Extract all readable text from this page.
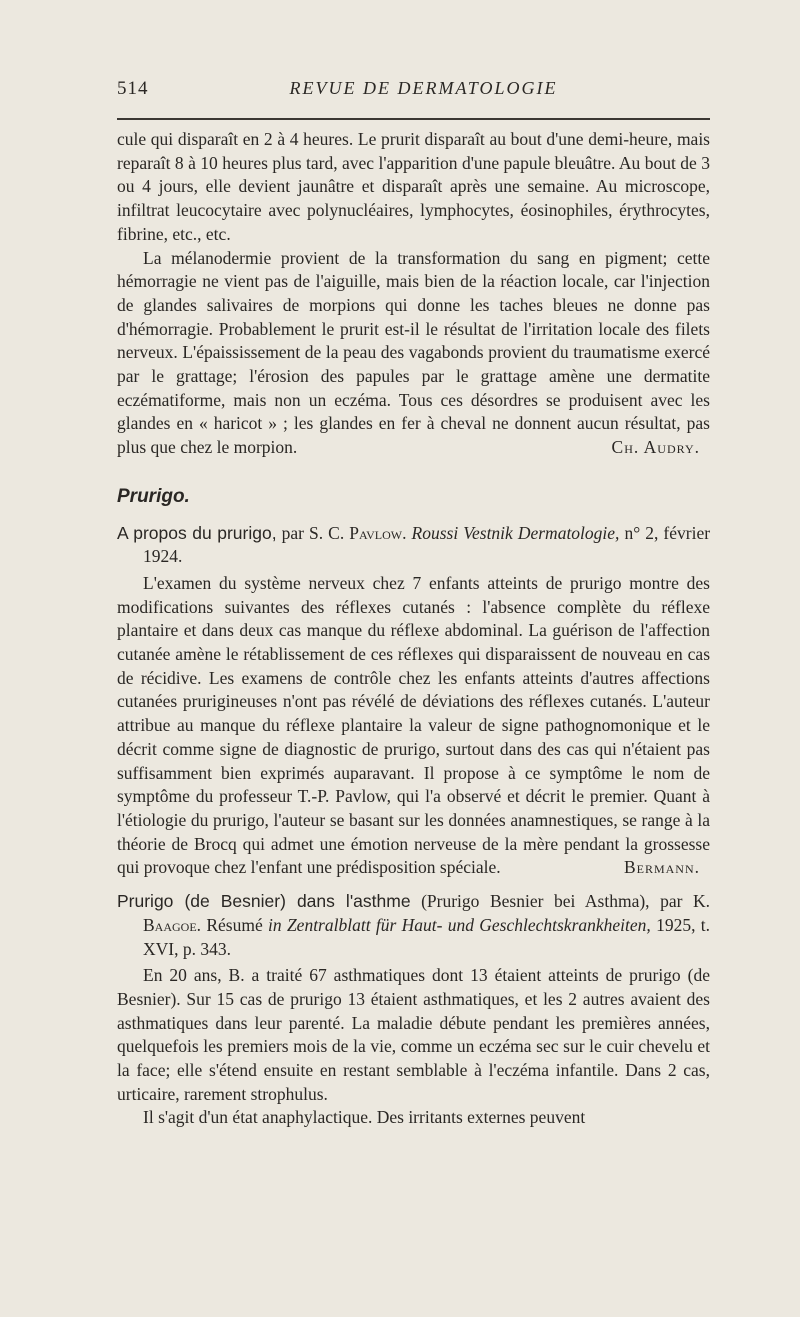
514	REVUE DE DERMATOLOGIE

cule qui disparaît en 2 à 4 heures. Le prurit disparaît au bout d'une demi-heure, mais reparaît 8 à 10 heures plus tard, avec l'apparition d'une papule bleuâtre. Au bout de 3 ou 4 jours, elle devient jaunâtre et disparaît après une semaine. Au microscope, infiltrat leucocytaire avec polynucléaires, lymphocytes, éosinophiles, érythrocytes, fibrine, etc., etc.

La mélanodermie provient de la transformation du sang en pigment; cette hémorragie ne vient pas de l'aiguille, mais bien de la réaction locale, car l'injection de glandes salivaires de morpions qui donne les taches bleues ne donne pas d'hémorragie. Probablement le prurit est-il le résultat de l'irritation locale des filets nerveux. L'épaississement de la peau des vagabonds provient du traumatisme exercé par le grattage; l'érosion des papules par le grattage amène une dermatite eczématiforme, mais non un eczéma. Tous ces désordres se produisent avec les glandes en « haricot » ; les glandes en fer à cheval ne donnent aucun résultat, pas plus que chez le morpion.	Ch. Audry.

Prurigo.

A propos du prurigo, par S. C. Pavlow. Roussi Vestnik Dermatologie, n° 2, février 1924.

L'examen du système nerveux chez 7 enfants atteints de prurigo montre des modifications suivantes des réflexes cutanés : l'absence complète du réflexe plantaire et dans deux cas manque du réflexe abdominal. La guérison de l'affection cutanée amène le rétablissement de ces réflexes qui disparaissent de nouveau en cas de récidive. Les examens de contrôle chez les enfants atteints d'autres affections cutanées prurigineuses n'ont pas révélé de déviations des réflexes cutanés. L'auteur attribue au manque du réflexe plantaire la valeur de signe pathognomonique et le décrit comme signe de diagnostic de prurigo, surtout dans des cas qui n'étaient pas suffisamment bien exprimés auparavant. Il propose à ce symptôme le nom de symptôme du professeur T.-P. Pavlow, qui l'a observé et décrit le premier. Quant à l'étiologie du prurigo, l'auteur se basant sur les données anamnestiques, se range à la théorie de Brocq qui admet une émotion nerveuse de la mère pendant la grossesse qui provoque chez l'enfant une prédisposition spéciale.	Bermann.

Prurigo (de Besnier) dans l'asthme (Prurigo Besnier bei Asthma), par K. Baagoe. Résumé in Zentralblatt für Haut- und Geschlechtskrankheiten, 1925, t. XVI, p. 343.

En 20 ans, B. a traité 67 asthmatiques dont 13 étaient atteints de prurigo (de Besnier). Sur 15 cas de prurigo 13 étaient asthmatiques, et les 2 autres avaient des asthmatiques dans leur parenté. La maladie débute pendant les premières années, quelquefois les premiers mois de la vie, comme un eczéma sec sur le cuir chevelu et la face; elle s'étend ensuite en restant semblable à l'eczéma infantile. Dans 2 cas, urticaire, rarement strophulus.

Il s'agit d'un état anaphylactique. Des irritants externes peuvent
